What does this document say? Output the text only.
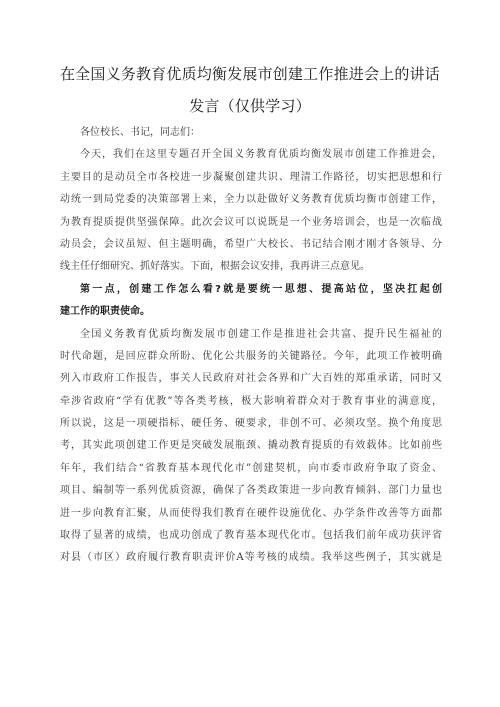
在全国义务教育优质均衡发展市创建工作推进会上的讲话
发言（仅供学习）
各位校长、书记，同志们：
今天，我们在这里专题召开全国义务教育优质均衡发展市创建工作推进会，
主要目的是动员全市各校进一步凝聚创建共识、理清工作路径，切实把思想和行
动统一到局党委的决策部署上来，全力以赴做好义务教育优质均衡市创建工作，
为教育提质提供坚强保障。此次会议可以说既是一个业务培训会，也是一次临战
动员会，会议虽短、但主题明确，希望广大校长、书记结合刚才刚才各领导、分
线主任仔细研究、抓好落实。下面，根据会议安排，我再讲三点意见。
第一点，创建工作怎么看?就是要统一思想、提高站位，坚决扛起创
建工作的职责使命。
全国义务教育优质均衡发展市创建工作是推进社会共富、提升民生福祉的
时代命题，是回应群众所盼、优化公共服务的关键路径。今年，此项工作被明确
列入市政府工作报告，事关人民政府对社会各界和广大百姓的郑重承诺，同时又
牵涉省政府“学有优教”等各类考核，极大影响着群众对于教育事业的满意度，
所以说，这是一项硬指标、硬任务、硬要求，非创不可、必须攻坚。换个角度思
考，其实此项创建工作更是突破发展瓶颈、撬动教育提质的有效载体。比如前些
年年，我们结合“省教育基本现代化市”创建契机，向市委市政府争取了资金、
项目、编制等一系列优质资源，确保了各类政策进一步向教育倾斜、部门力量也
进一步向教育汇聚，从而使得我们教育在硬件设施优化、办学条件改善等方面都
取得了显著的成绩，也成功创成了教育基本现代化市。包括我们前年成功获评省
对县（市区）政府履行教育职责评价A等考核的成绩。我举这些例子，其实就是
